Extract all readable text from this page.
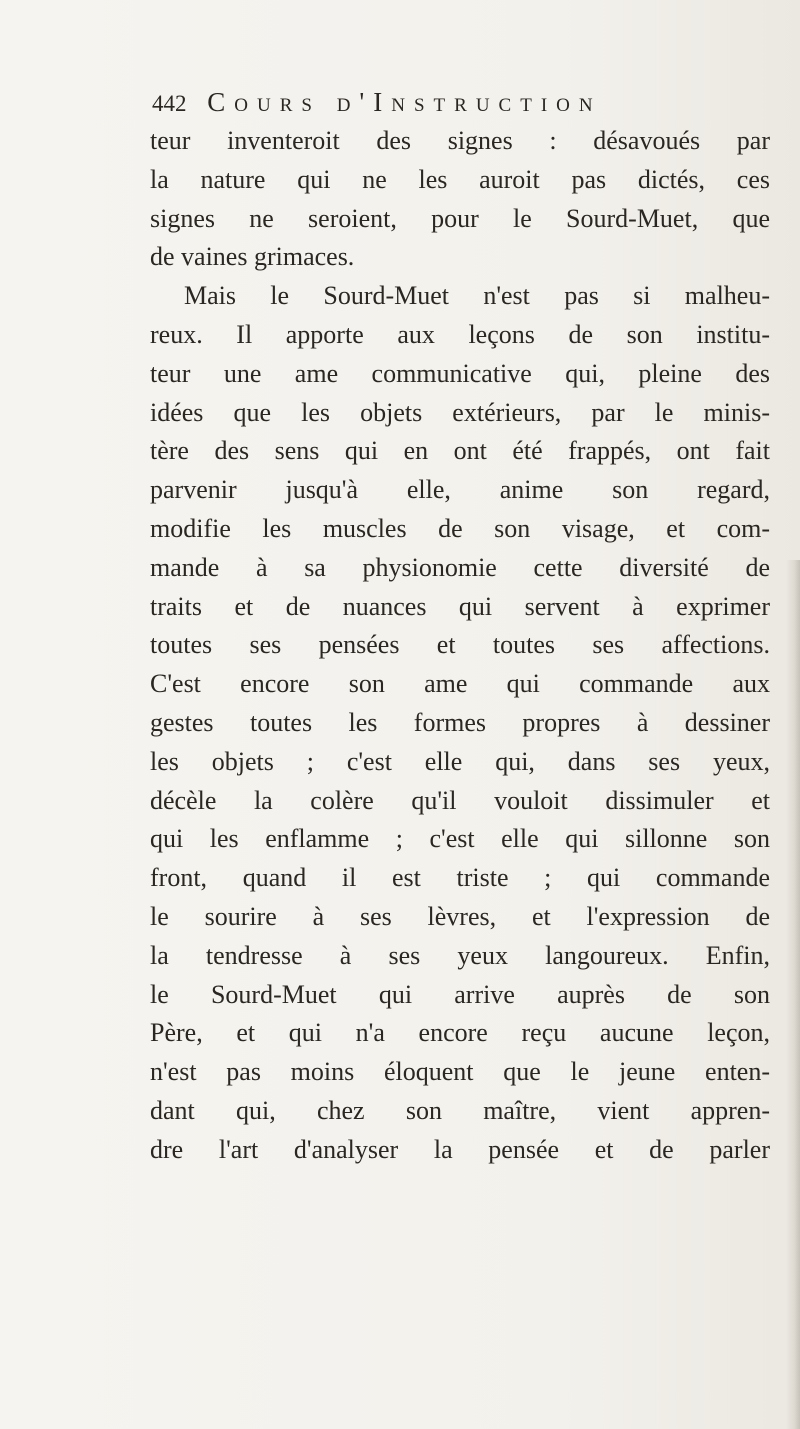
442 Cours d'Instruction
teur inventeroit des signes : désavoués par
la nature qui ne les auroit pas dictés, ces
signes ne seroient, pour le Sourd-Muet, que
de vaines grimaces.
Mais le Sourd-Muet n'est pas si malheu-
reux. Il apporte aux leçons de son institu-
teur une ame communicative qui, pleine des
idées que les objets extérieurs, par le minis-
tère des sens qui en ont été frappés, ont fait
parvenir jusqu'à elle, anime son regard,
modifie les muscles de son visage, et com-
mande à sa physionomie cette diversité de
traits et de nuances qui servent à exprimer
toutes ses pensées et toutes ses affections.
C'est encore son ame qui commande aux
gestes toutes les formes propres à dessiner
les objets ; c'est elle qui, dans ses yeux,
décèle la colère qu'il vouloit dissimuler et
qui les enflamme ; c'est elle qui sillonne son
front, quand il est triste ; qui commande
le sourire à ses lèvres, et l'expression de
la tendresse à ses yeux langoureux. Enfin,
le Sourd-Muet qui arrive auprès de son
Père, et qui n'a encore reçu aucune leçon,
n'est pas moins éloquent que le jeune enten-
dant qui, chez son maître, vient appren-
dre l'art d'analyser la pensée et de parler
